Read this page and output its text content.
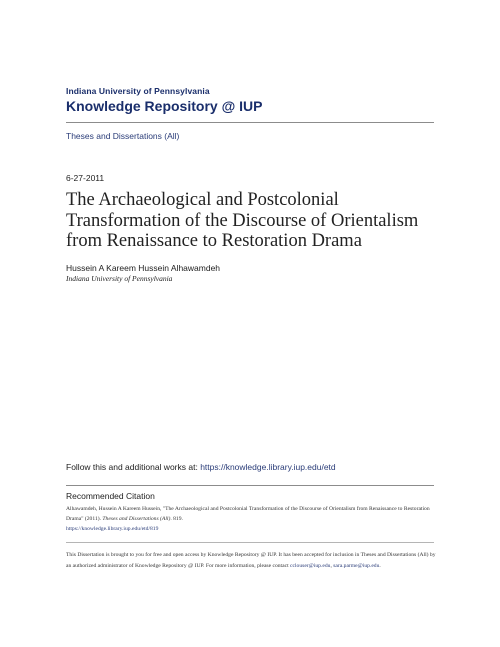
Indiana University of Pennsylvania
Knowledge Repository @ IUP
Theses and Dissertations (All)
6-27-2011
The Archaeological and Postcolonial
Transformation of the Discourse of Orientalism
from Renaissance to Restoration Drama
Hussein A Kareem Hussein Alhawamdeh
Indiana University of Pennsylvania
Follow this and additional works at: https://knowledge.library.iup.edu/etd
Recommended Citation
Alhawamdeh, Hussein A Kareem Hussein, "The Archaeological and Postcolonial Transformation of the Discourse of Orientalism from Renaissance to Restoration Drama" (2011). Theses and Dissertations (All). 819.
https://knowledge.library.iup.edu/etd/819
This Dissertation is brought to you for free and open access by Knowledge Repository @ IUP. It has been accepted for inclusion in Theses and Dissertations (All) by an authorized administrator of Knowledge Repository @ IUP. For more information, please contact cclouser@iup.edu, sara.parme@iup.edu.
